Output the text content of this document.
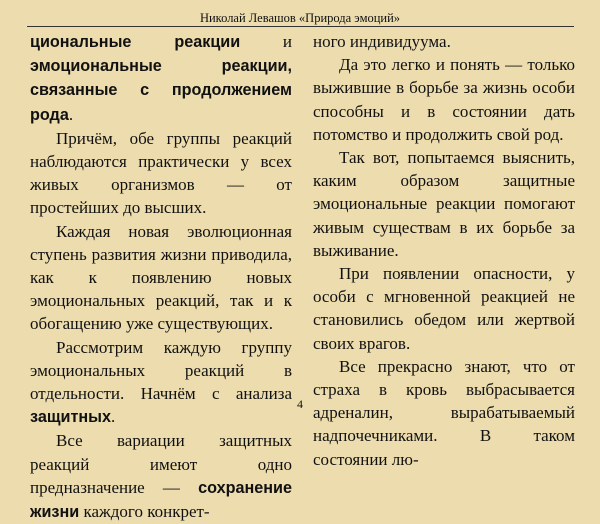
Николай Левашов «Природа эмоций»

циональные реакции и эмоциональные реакции, связанные с продолжением рода.

Причём, обе группы реакций наблюдаются практически у всех живых организмов — от простейших до высших.

Каждая новая эволюционная ступень развития жизни приводила, как к появлению новых эмоциональных реакций, так и к обогащению уже существующих.

Рассмотрим каждую группу эмоциональных реакций в отдельности. Начнём с анализа защитных.

Все вариации защитных реакций имеют одно предназначение — сохранение жизни каждого конкрет-

ного индивидуума.

Да это легко и понять — только выжившие в борьбе за жизнь особи способны и в состоянии дать потомство и продолжить свой род.

Так вот, попытаемся выяснить, каким образом защитные эмоциональные реакции помогают живым существам в их борьбе за выживание.

При появлении опасности, у особи с мгновенной реакцией не становились обедом или жертвой своих врагов.

Все прекрасно знают, что от страха в кровь выбрасывается адреналин, вырабатываемый надпочечниками. В таком состоянии лю-

4
